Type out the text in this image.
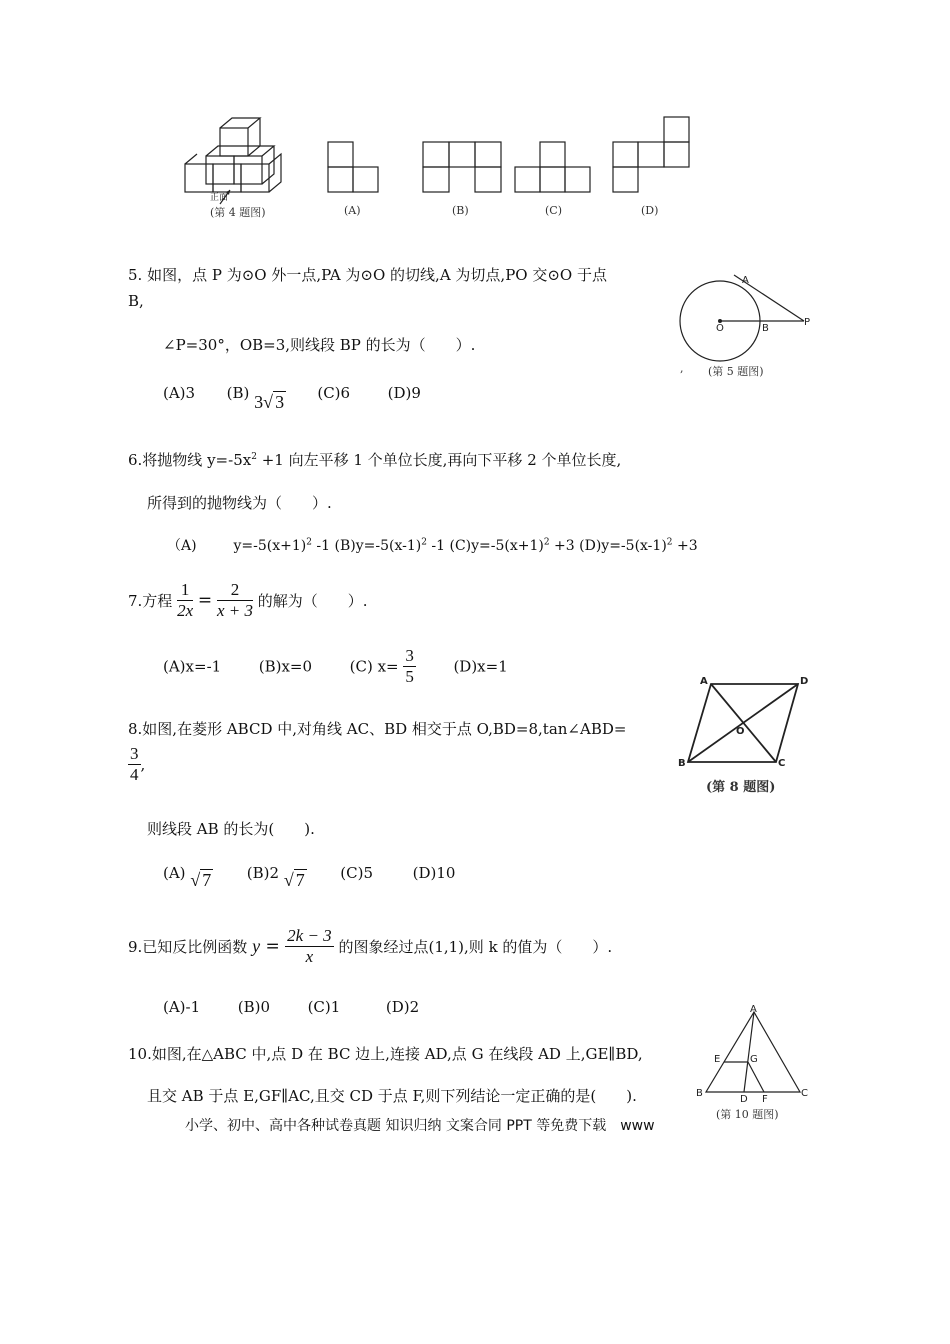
正面
(第 4 题图)	(A)	(B)	(C)	(D)
5. 如图，点 P 为⊙O 外一点,PA 为⊙O 的切线,A 为切点,PO 交⊙O 于点
B,
∠P=30°，OB=3,则线段 BP 的长为（　　）.
(A)3 (B) 3√ 3 (C)6	(D)9
A
O	B
P
, (第 5 题图)
6.将抛物线 $y=-5x^2 +1$ 向左平移 1 个单位长度,再向下平移 2 个单位长度,
所得到的抛物线为（　　）.
（A)	$y=-5(x+1)^2$ -1 $(B)y=-5(x-1)^2$ -1 $(C)y=-5(x+1)^2 +3$ $(D)y=-5(x-1)^2 +3$
7.方程 $\frac{1}{2x} = \frac{2}{x + 3}$ 的解为（　　）.
(A)x=-1	(B)x=0	(C) $x= \frac{3}{5}$	(D)x=1
8.如图,在菱形 ABCD 中,对角线 AC、BD 相交于点 O,BD=8,tan∠ABD=
$\frac{3}{4}$ ,
则线段 AB 的长为(　　).
(A) √ 7 (B)2 √ 7 (C)5	(D)10
A	D
O
B	C
(第 8 题图)
9.已知反比例函数 $y = \frac{2k - 3}{x}$ 的图象经过点(1,1),则 k 的值为（　　）.
(A)-1	(B)0	(C)1	(D)2
10.如图,在△ABC 中,点 D 在 BC 边上,连接 AD,点 G 在线段 AD 上,GE∥BD,
且交 AB 于点 E,GF∥AC,且交 CD 于点 F,则下列结论一定正确的是(　　).
A
E	G
B
D F
C
(第 10 题图)
小学、初中、高中各种试卷真题 知识归纳 文案合同 PPT 等免费下载　www
